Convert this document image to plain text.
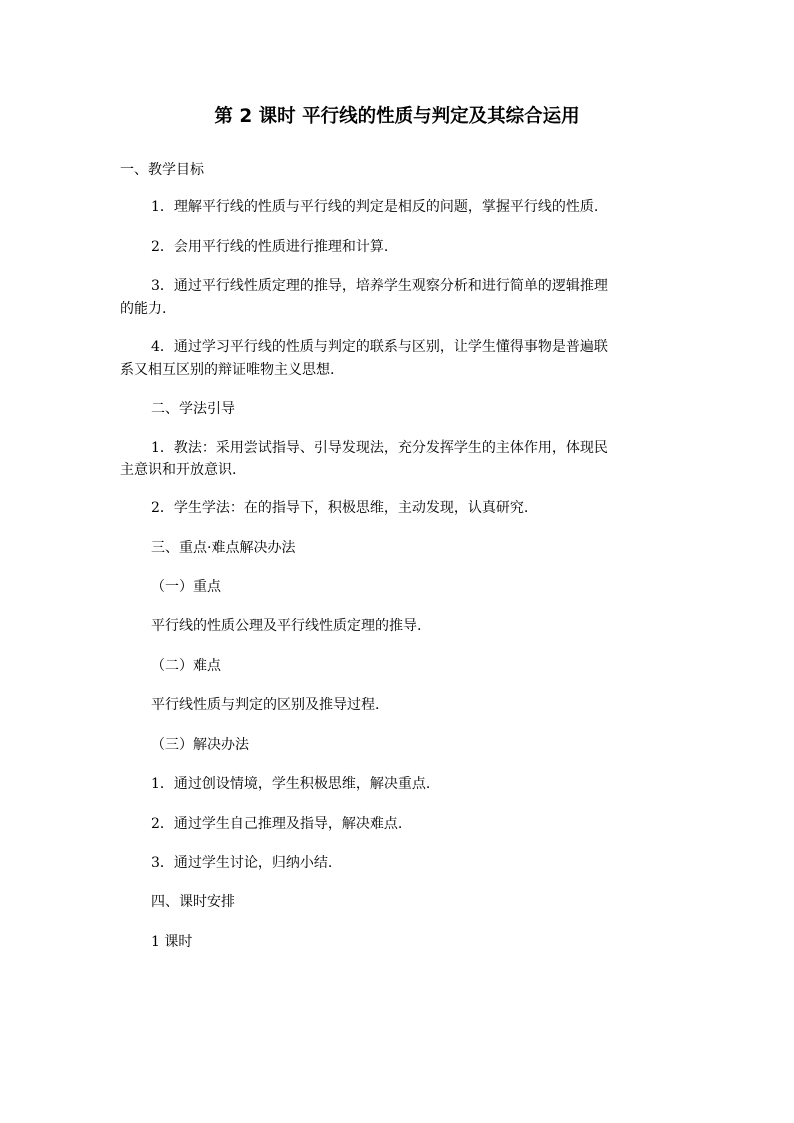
第 2 课时 平行线的性质与判定及其综合运用
一、教学目标
1．理解平行线的性质与平行线的判定是相反的问题，掌握平行线的性质.
2．会用平行线的性质进行推理和计算.
3．通过平行线性质定理的推导，培养学生观察分析和进行简单的逻辑推理
的能力.
4．通过学习平行线的性质与判定的联系与区别，让学生懂得事物是普遍联
系又相互区别的辩证唯物主义思想.
二、学法引导
1．教法：采用尝试指导、引导发现法，充分发挥学生的主体作用，体现民
主意识和开放意识.
2．学生学法：在的指导下，积极思维，主动发现，认真研究.
三、重点·难点解决办法
（一）重点
平行线的性质公理及平行线性质定理的推导.
（二）难点
平行线性质与判定的区别及推导过程.
（三）解决办法
1．通过创设情境，学生积极思维，解决重点.
2．通过学生自己推理及指导，解决难点.
3．通过学生讨论，归纳小结.
四、课时安排
1 课时
